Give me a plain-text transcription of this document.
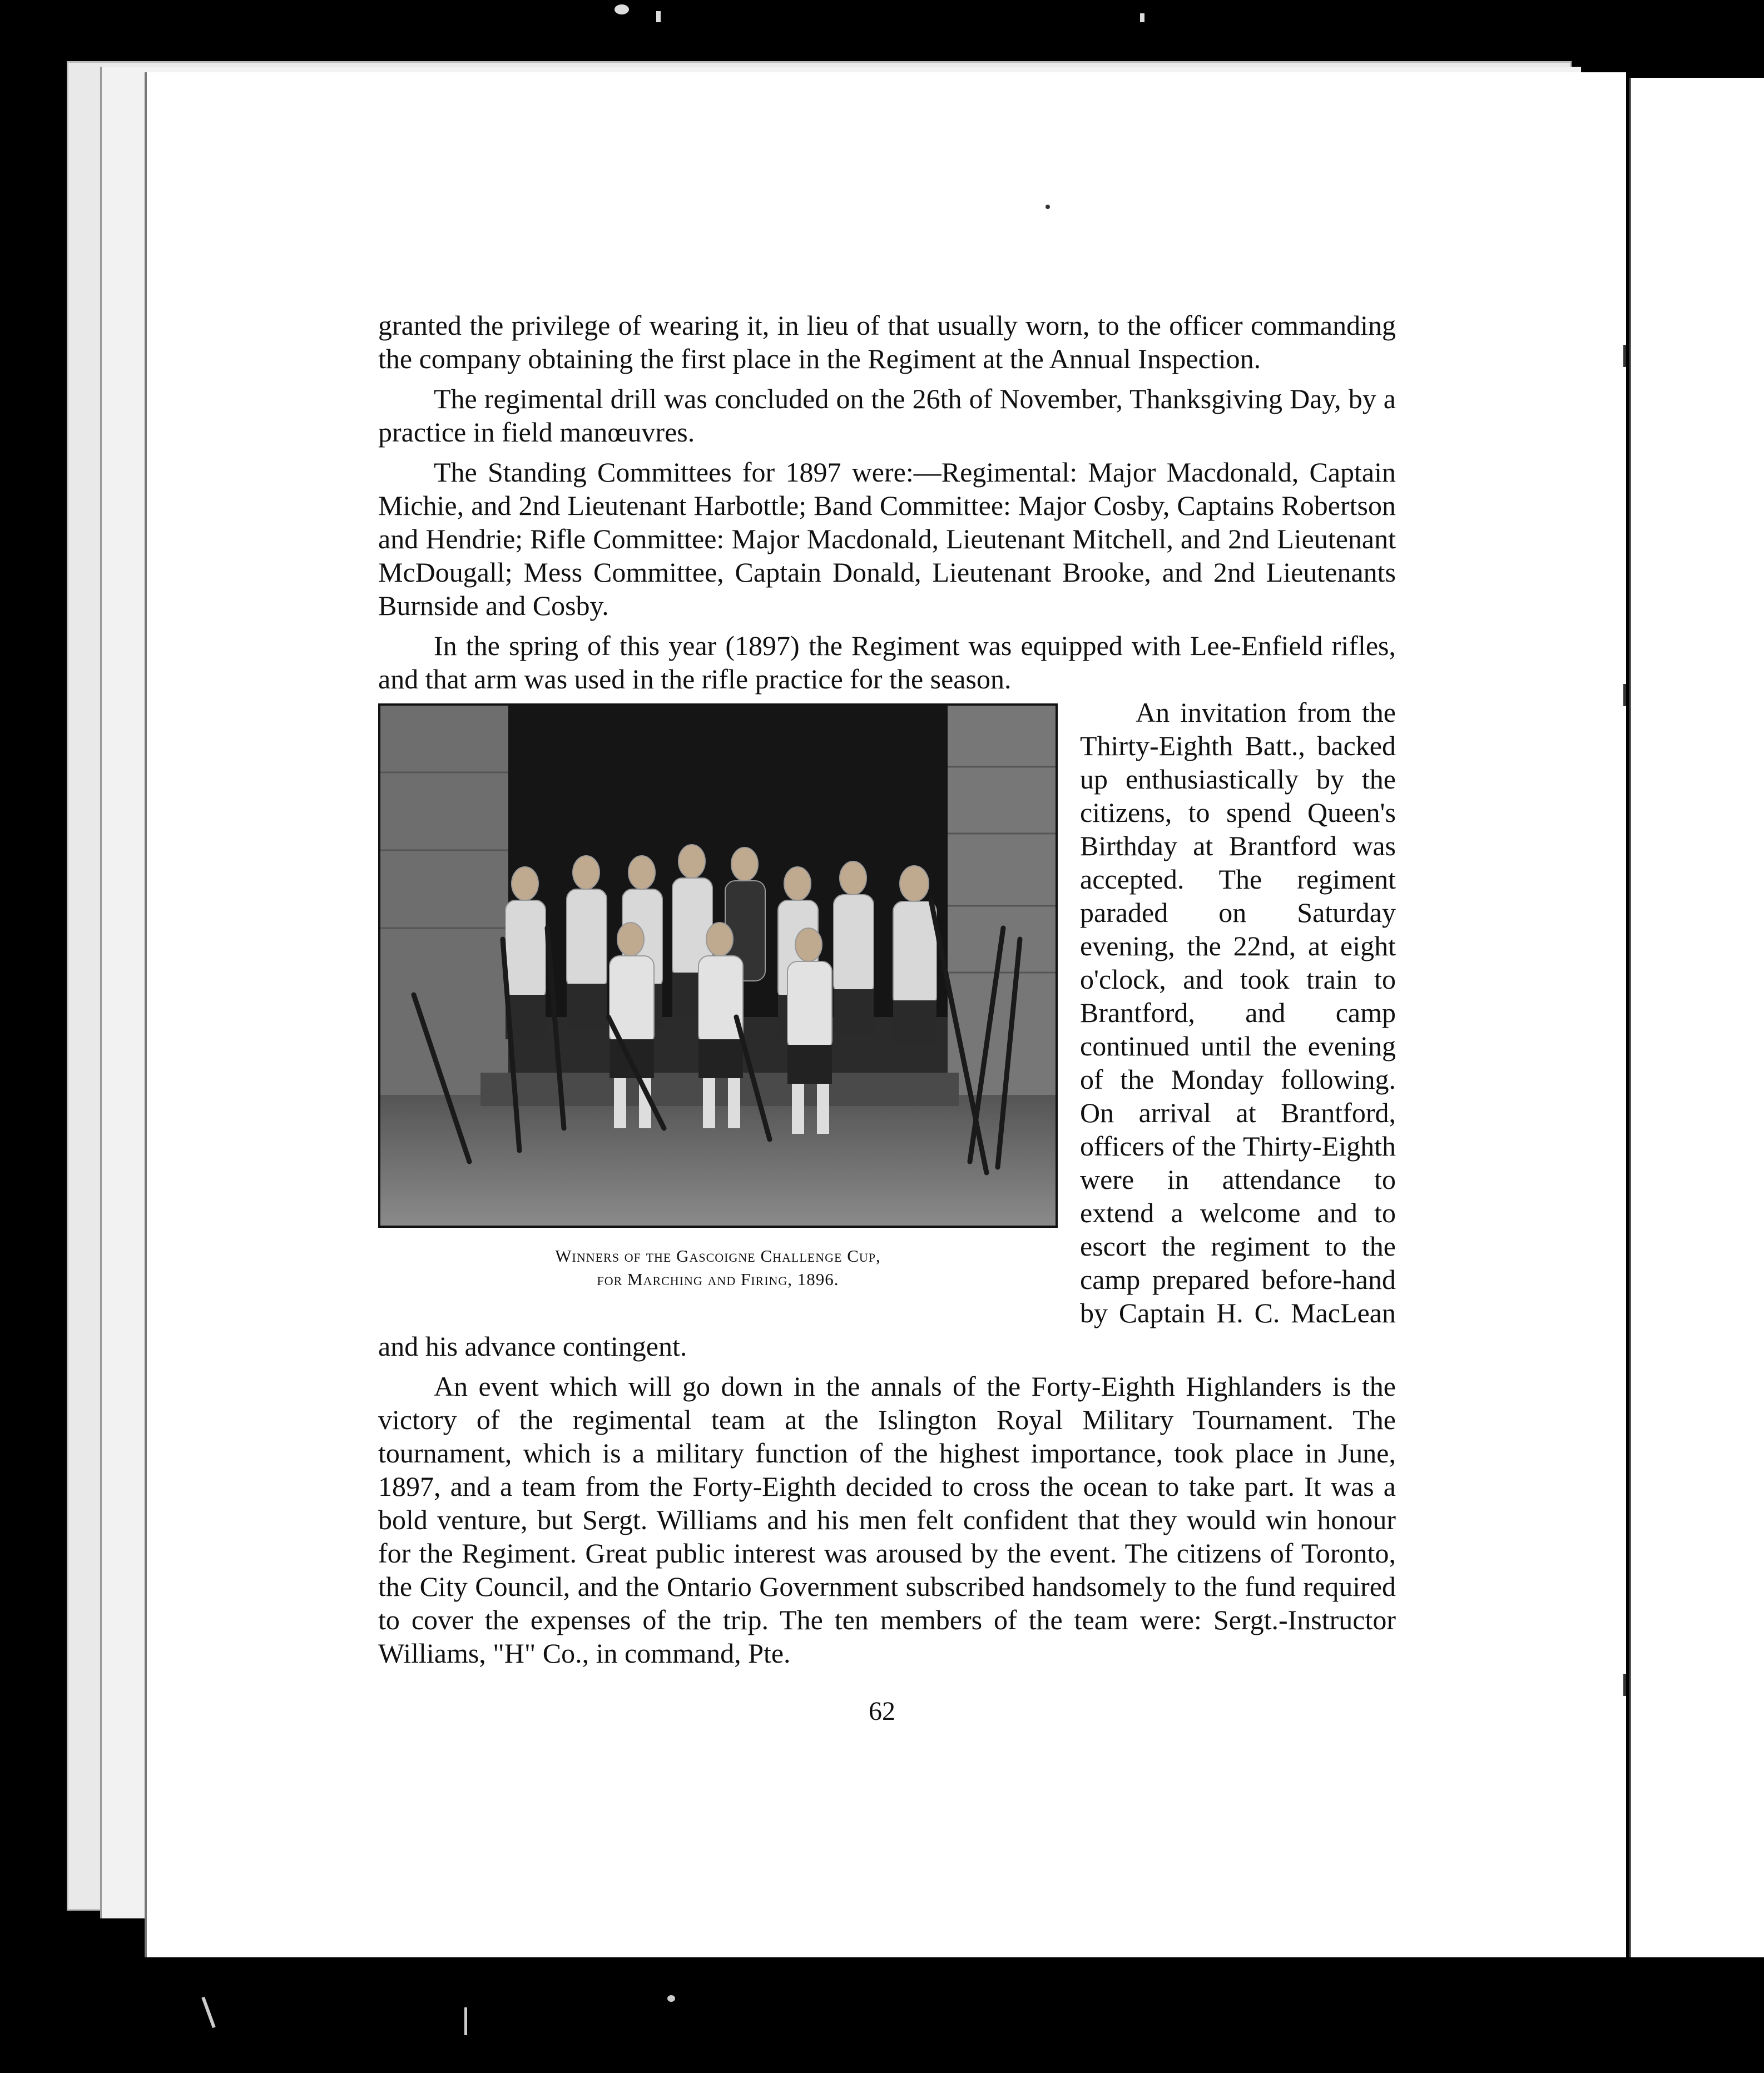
granted the privilege of wearing it, in lieu of that usually worn, to the officer commanding the company obtaining the first place in the Regiment at the Annual Inspection.

The regimental drill was concluded on the 26th of November, Thanksgiving Day, by a practice in field manœuvres.

The Standing Committees for 1897 were:—Regimental: Major Macdonald, Captain Michie, and 2nd Lieutenant Harbottle; Band Committee: Major Cosby, Captains Robertson and Hendrie; Rifle Committee: Major Macdonald, Lieutenant Mitchell, and 2nd Lieutenant McDougall; Mess Committee, Captain Donald, Lieutenant Brooke, and 2nd Lieutenants Burnside and Cosby.

In the spring of this year (1897) the Regiment was equipped with Lee-Enfield rifles, and that arm was used in the rifle practice for the season.

Winners of the Gascoigne Challenge Cup,
for Marching and Firing, 1896.

An invitation from the Thirty-Eighth Batt., backed up enthusiastically by the citizens, to spend Queen's Birthday at Brantford was accepted. The regiment paraded on Saturday evening, the 22nd, at eight o'clock, and took train to Brantford, and camp continued until the evening of the Monday following. On arrival at Brantford, officers of the Thirty-Eighth were in attendance to extend a welcome and to escort the regiment to the camp prepared before-hand by Captain H. C. MacLean and his advance contingent.

An event which will go down in the annals of the Forty-Eighth Highlanders is the victory of the regimental team at the Islington Royal Military Tournament. The tournament, which is a military function of the highest importance, took place in June, 1897, and a team from the Forty-Eighth decided to cross the ocean to take part. It was a bold venture, but Sergt. Williams and his men felt confident that they would win honour for the Regiment. Great public interest was aroused by the event. The citizens of Toronto, the City Council, and the Ontario Government subscribed handsomely to the fund required to cover the expenses of the trip. The ten members of the team were: Sergt.-Instructor Williams, "H" Co., in command, Pte.

62
